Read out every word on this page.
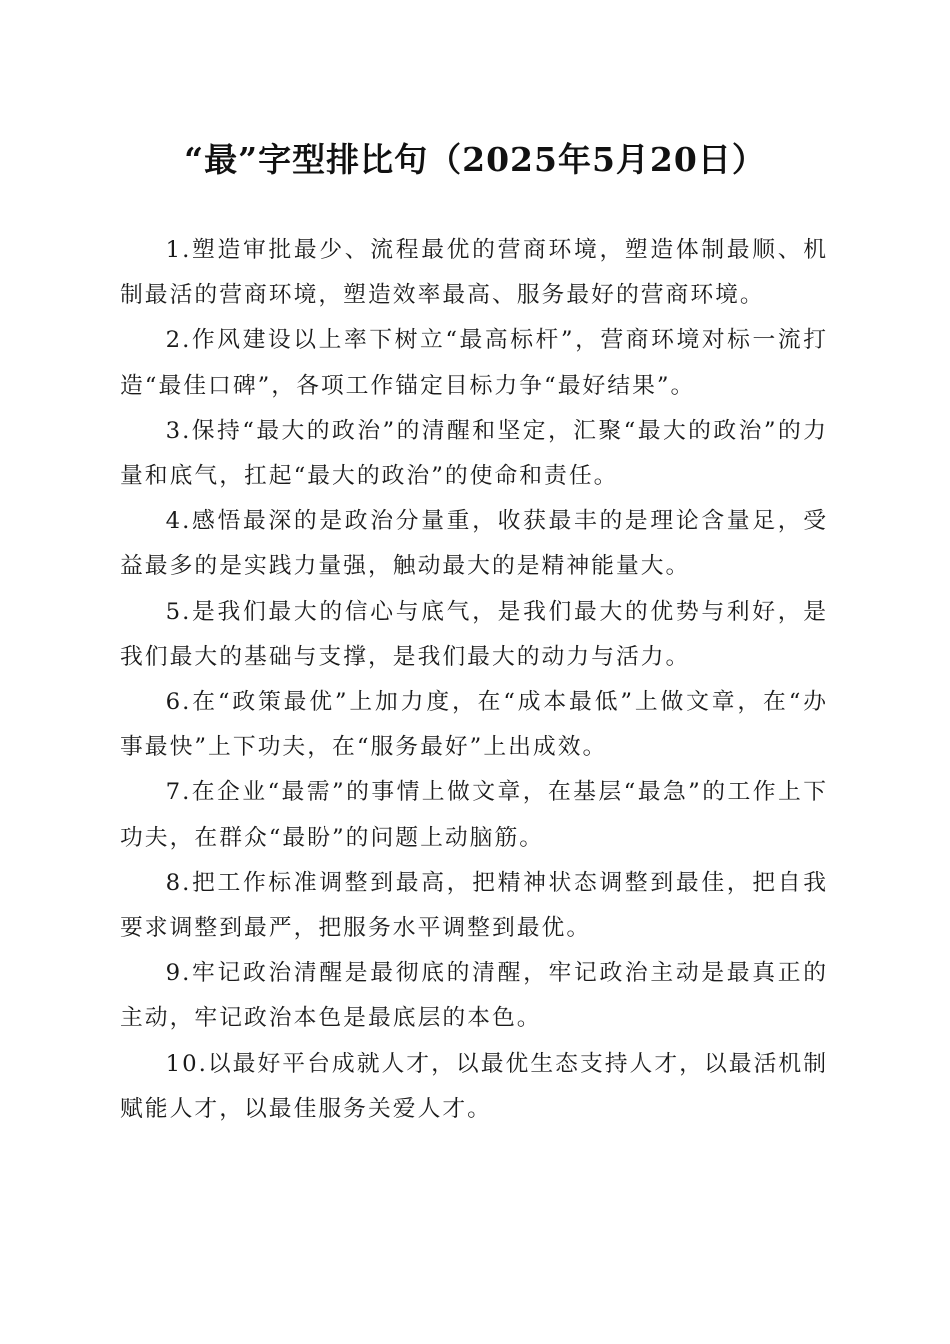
“最”字型排比句（2025年5月20日）

1.塑造审批最少、流程最优的营商环境，塑造体制最顺、机制最活的营商环境，塑造效率最高、服务最好的营商环境。

2.作风建设以上率下树立“最高标杆”，营商环境对标一流打造“最佳口碑”，各项工作锚定目标力争“最好结果”。

3.保持“最大的政治”的清醒和坚定，汇聚“最大的政治”的力量和底气，扛起“最大的政治”的使命和责任。

4.感悟最深的是政治分量重，收获最丰的是理论含量足，受益最多的是实践力量强，触动最大的是精神能量大。

5.是我们最大的信心与底气，是我们最大的优势与利好，是我们最大的基础与支撑，是我们最大的动力与活力。

6.在“政策最优”上加力度，在“成本最低”上做文章，在“办事最快”上下功夫，在“服务最好”上出成效。

7.在企业“最需”的事情上做文章，在基层“最急”的工作上下功夫，在群众“最盼”的问题上动脑筋。

8.把工作标准调整到最高，把精神状态调整到最佳，把自我要求调整到最严，把服务水平调整到最优。

9.牢记政治清醒是最彻底的清醒，牢记政治主动是最真正的主动，牢记政治本色是最底层的本色。

10.以最好平台成就人才，以最优生态支持人才，以最活机制赋能人才，以最佳服务关爱人才。
